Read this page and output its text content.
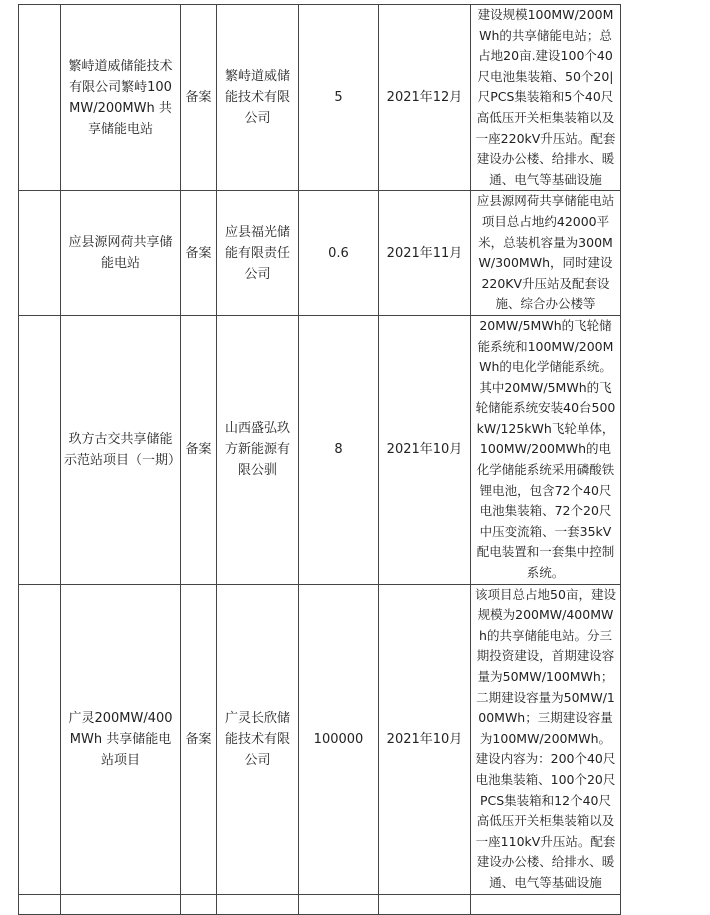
	繁峙道威储能技术有限公司繁峙100MW/200MWh 共享储能电站	备案	繁峙道威储能技术有限公司	5	2021年12月	建设规模100MW/200MWh的共享储能电站；总占地20亩.建设100个40尺电池集装箱、50个20|尺PCS集装箱和5个40尺高低压开关柜集装箱以及一座220kV升压站。配套建设办公楼、给排水、暖通、电气等基础设施
	应县源网荷共享储能电站	备案	应县福光储能有限责任公司	0.6	2021年11月	应县源网荷共享储能电站项目总占地约42000平米，总装机容量为300MW/300MWh，同时建设220KV升压站及配套设施、综合办公楼等
	玖方古交共享储能示范站项目（一期）	备案	山西盛弘玖方新能源有限公驯	8	2021年10月	20MW/5MWh的飞轮储能系统和100MW/200MWh的电化学储能系统。其中20MW/5MWh的飞轮储能系统安装40台500kW/125kWh飞轮单体，100MW/200MWh的电化学储能系统采用磷酸铁锂电池，包含72个40尺电池集装箱、72个20尺中压变流箱、一套35kV配电装置和一套集中控制系统。
	广灵200MW/400MWh 共享储能电站项目	备案	广灵长欣储能技术有限公司	100000	2021年10月	该项目总占地50亩，建设规模为200MW/400MWh的共享储能电站。分三期投资建设，首期建设容量为50MW/100MWh；二期建设容量为50MW/100MWh；三期建设容量为100MW/200MWh。建设内容为：200个40尺电池集装箱、100个20尺PCS集装箱和12个40尺高低压开关柜集装箱以及一座110kV升压站。配套建设办公楼、给排水、暖通、电气等基础设施
